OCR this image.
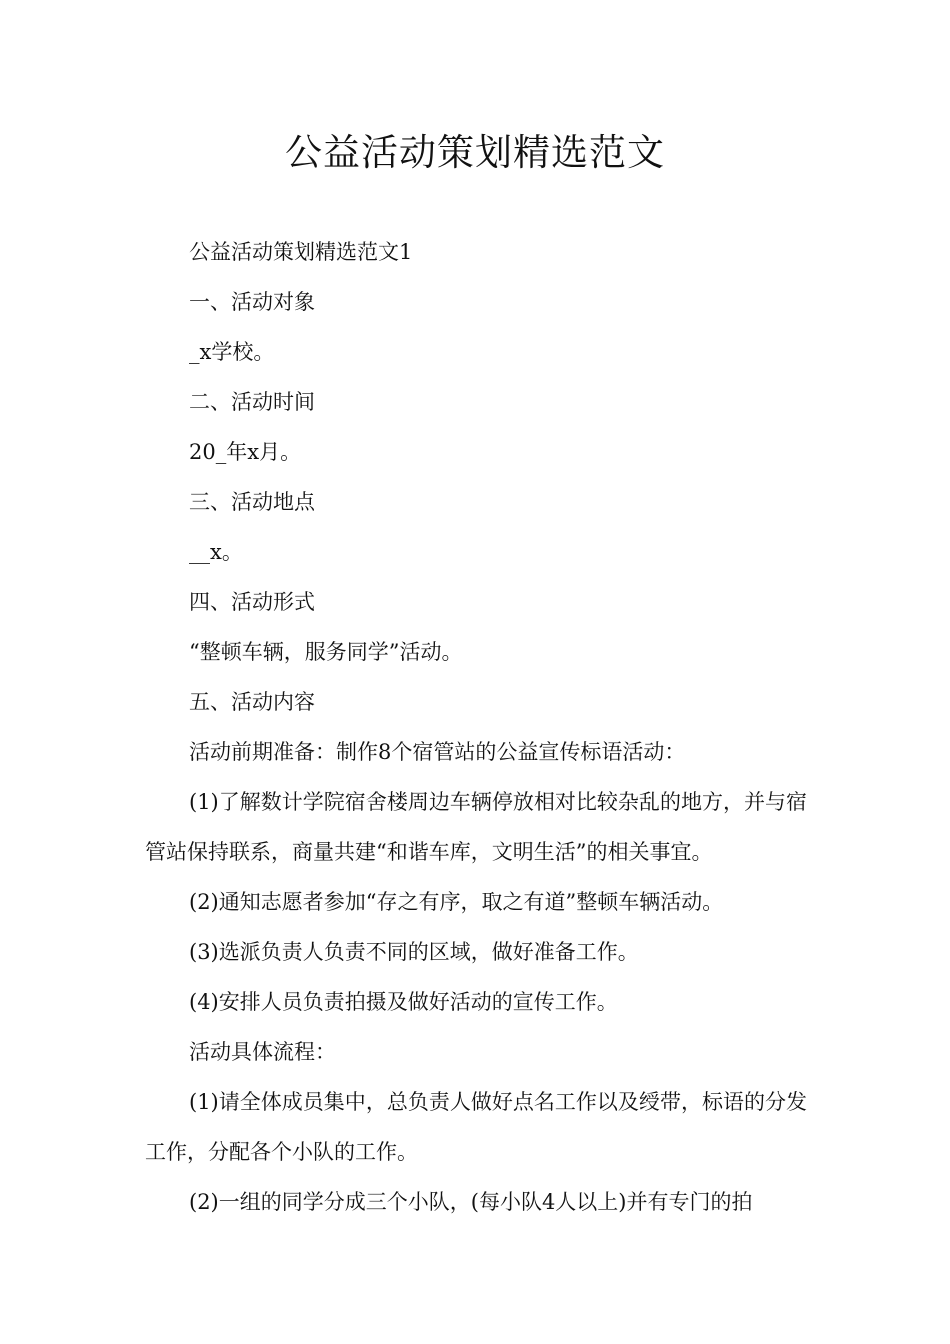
公益活动策划精选范文

公益活动策划精选范文1

一、活动对象

_x学校。

二、活动时间

20_年x月。

三、活动地点

__x。

四、活动形式

“整顿车辆，服务同学”活动。

五、活动内容

活动前期准备：制作8个宿管站的公益宣传标语活动：

(1)了解数计学院宿舍楼周边车辆停放相对比较杂乱的地方，并与宿管站保持联系，商量共建“和谐车库，文明生活”的相关事宜。

(2)通知志愿者参加“存之有序，取之有道”整顿车辆活动。

(3)选派负责人负责不同的区域，做好准备工作。

(4)安排人员负责拍摄及做好活动的宣传工作。

活动具体流程：

(1)请全体成员集中，总负责人做好点名工作以及绶带，标语的分发工作，分配各个小队的工作。

(2)一组的同学分成三个小队，(每小队4人以上)并有专门的拍
